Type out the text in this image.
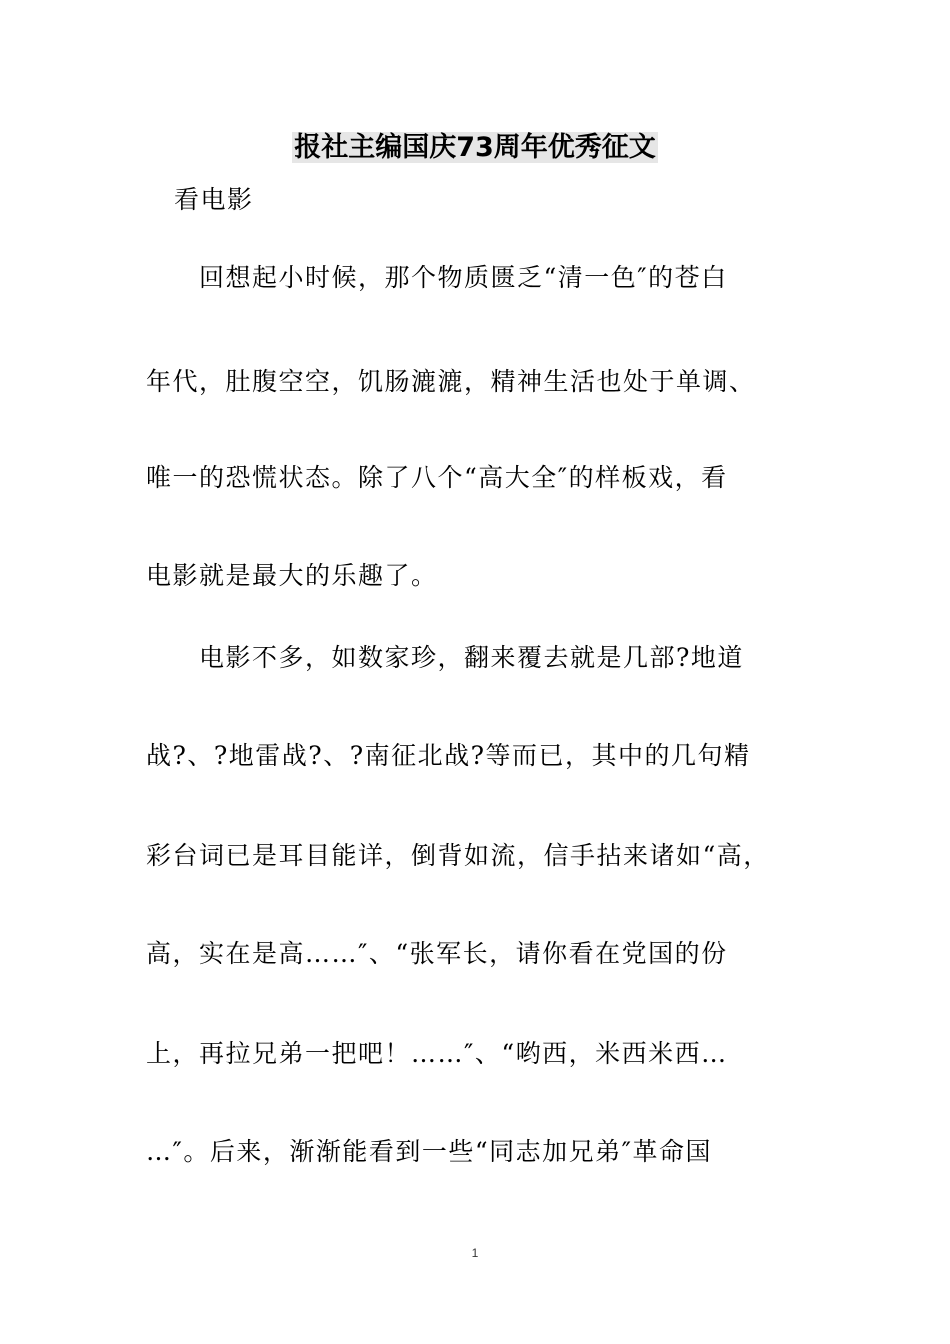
报社主编国庆73周年优秀征文
看电影
　　回想起小时候，那个物质匮乏“清一色″的苍白
年代，肚腹空空，饥肠漉漉，精神生活也处于单调、
唯一的恐慌状态。除了八个“高大全″的样板戏，看
电影就是最大的乐趣了。
　　电影不多，如数家珍，翻来覆去就是几部?地道
战?、?地雷战?、?南征北战?等而已，其中的几句精
彩台词已是耳目能详，倒背如流，信手拈来诸如“高，
高，实在是高……″、“张军长，请你看在党国的份
上，再拉兄弟一把吧！……″、“哟西，米西米西…
…″。后来，渐渐能看到一些“同志加兄弟″革命国
1
